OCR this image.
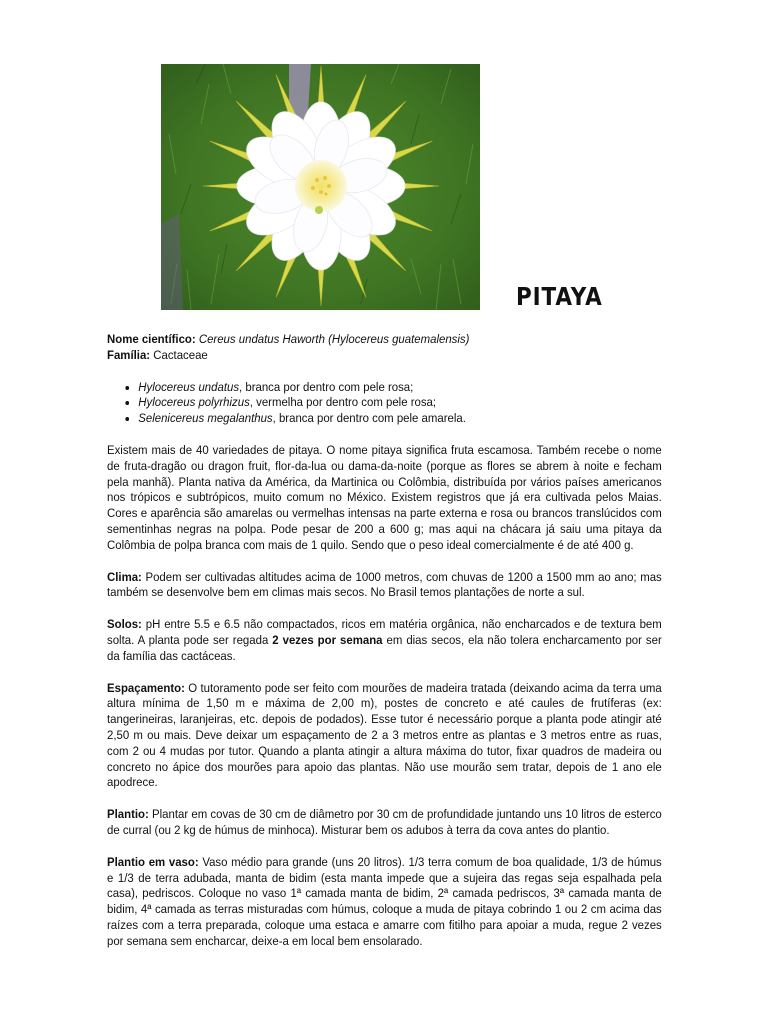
PITAYA
Nome científico: Cereus undatus Haworth (Hylocereus guatemalensis)
Família: Cactaceae
• Hylocereus undatus, branca por dentro com pele rosa;
• Hylocereus polyrhizus, vermelha por dentro com pele rosa;
• Selenicereus megalanthus, branca por dentro com pele amarela.

Existem mais de 40 variedades de pitaya. O nome pitaya significa fruta escamosa. Também recebe o nome de fruta-dragão ou dragon fruit, flor-da-lua ou dama-da-noite (porque as flores se abrem à noite e fecham pela manhã). Planta nativa da América, da Martinica ou Colômbia, distribuída por vários países americanos nos trópicos e subtrópicos, muito comum no México. Existem registros que já era cultivada pelos Maias. Cores e aparência são amarelas ou vermelhas intensas na parte externa e rosa ou brancos translúcidos com sementinhas negras na polpa. Pode pesar de 200 a 600 g; mas aqui na chácara já saiu uma pitaya da Colômbia de polpa branca com mais de 1 quilo. Sendo que o peso ideal comercialmente é de até 400 g.

Clima: Podem ser cultivadas altitudes acima de 1000 metros, com chuvas de 1200 a 1500 mm ao ano; mas também se desenvolve bem em climas mais secos. No Brasil temos plantações de norte a sul.

Solos: pH entre 5.5 e 6.5 não compactados, ricos em matéria orgânica, não encharcados e de textura bem solta. A planta pode ser regada 2 vezes por semana em dias secos, ela não tolera encharcamento por ser da família das cactáceas.

Espaçamento: O tutoramento pode ser feito com mourões de madeira tratada (deixando acima da terra uma altura mínima de 1,50 m e máxima de 2,00 m), postes de concreto e até caules de frutíferas (ex: tangerineiras, laranjeiras, etc. depois de podados). Esse tutor é necessário porque a planta pode atingir até 2,50 m ou mais. Deve deixar um espaçamento de 2 a 3 metros entre as plantas e 3 metros entre as ruas, com 2 ou 4 mudas por tutor. Quando a planta atingir a altura máxima do tutor, fixar quadros de madeira ou concreto no ápice dos mourões para apoio das plantas. Não use mourão sem tratar, depois de 1 ano ele apodrece.

Plantio: Plantar em covas de 30 cm de diâmetro por 30 cm de profundidade juntando uns 10 litros de esterco de curral (ou 2 kg de húmus de minhoca). Misturar bem os adubos à terra da cova antes do plantio.

Plantio em vaso: Vaso médio para grande (uns 20 litros). 1/3 terra comum de boa qualidade, 1/3 de húmus e 1/3 de terra adubada, manta de bidim (esta manta impede que a sujeira das regas seja espalhada pela casa), pedriscos. Coloque no vaso 1ª camada manta de bidim, 2ª camada pedriscos, 3ª camada manta de bidim, 4ª camada as terras misturadas com húmus, coloque a muda de pitaya cobrindo 1 ou 2 cm acima das raízes com a terra preparada, coloque uma estaca e amarre com fitilho para apoiar a muda, regue 2 vezes por semana sem encharcar, deixe-a em local bem ensolarado.
